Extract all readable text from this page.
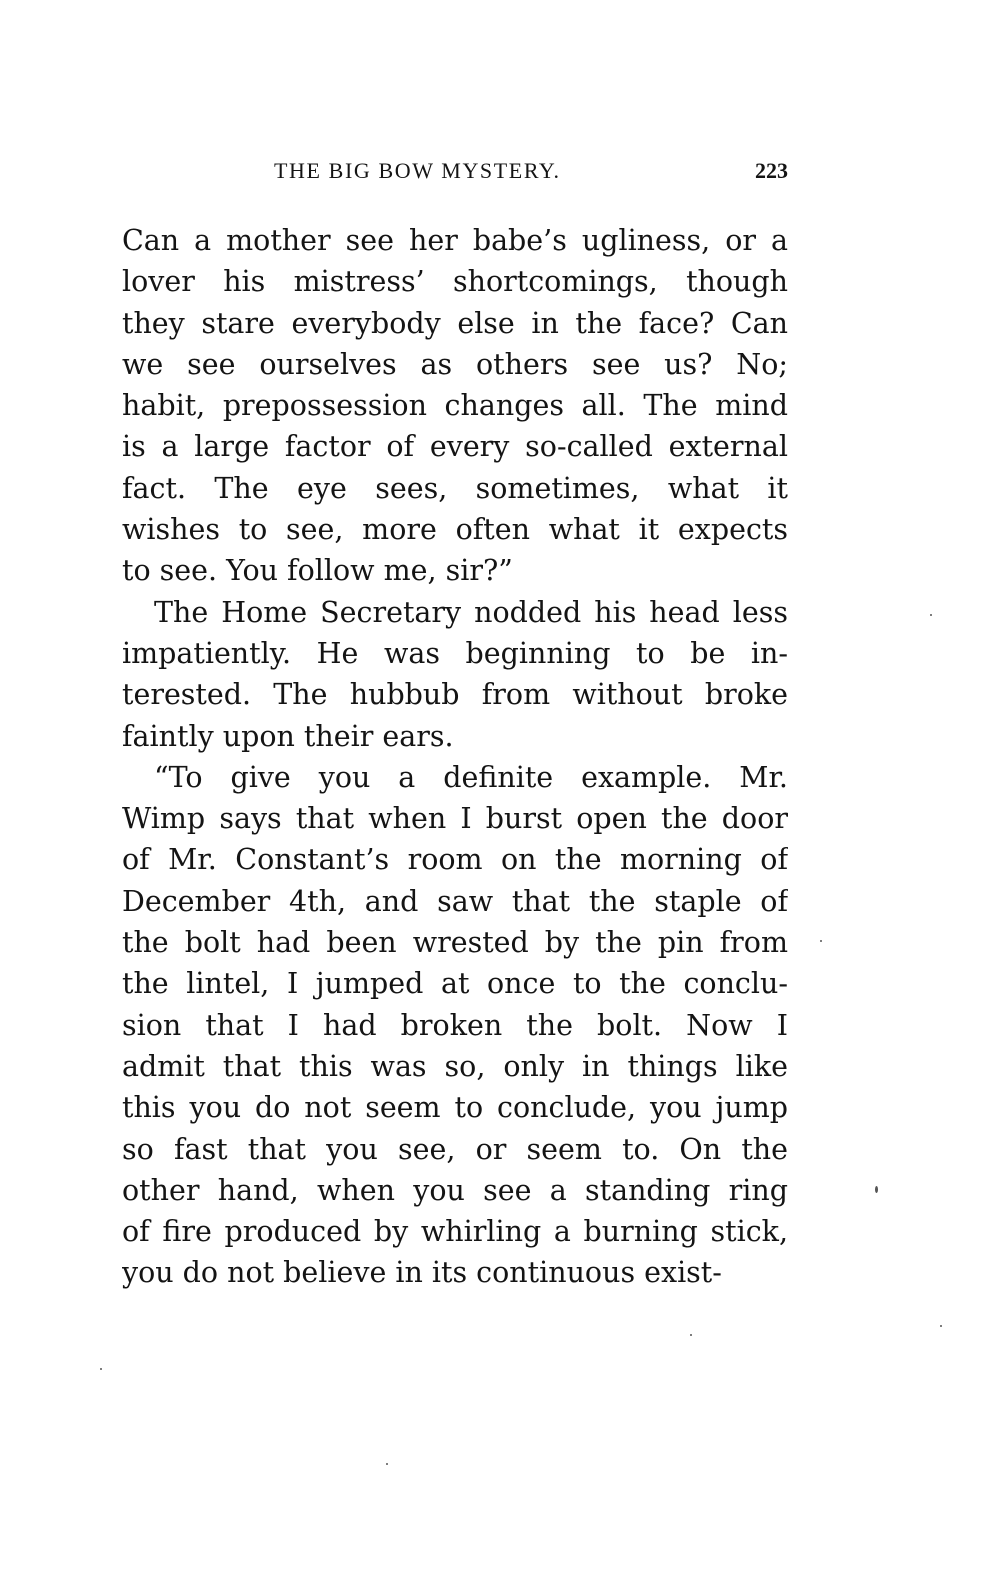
THE BIG BOW MYSTERY.	223
Can a mother see her babe’s ugliness, or a
lover his mistress’ shortcomings, though
they stare everybody else in the face? Can
we see ourselves as others see us? No;
habit, prepossession changes all. The mind
is a large factor of every so-called external
fact. The eye sees, sometimes, what it
wishes to see, more often what it expects
to see. You follow me, sir?”
The Home Secretary nodded his head less
impatiently. He was beginning to be in-
terested. The hubbub from without broke
faintly upon their ears.
“To give you a definite example. Mr.
Wimp says that when I burst open the door
of Mr. Constant’s room on the morning of
December 4th, and saw that the staple of
the bolt had been wrested by the pin from
the lintel, I jumped at once to the conclu-
sion that I had broken the bolt. Now I
admit that this was so, only in things like
this you do not seem to conclude, you jump
so fast that you see, or seem to. On the
other hand, when you see a standing ring
of fire produced by whirling a burning stick,
you do not believe in its continuous exist-
